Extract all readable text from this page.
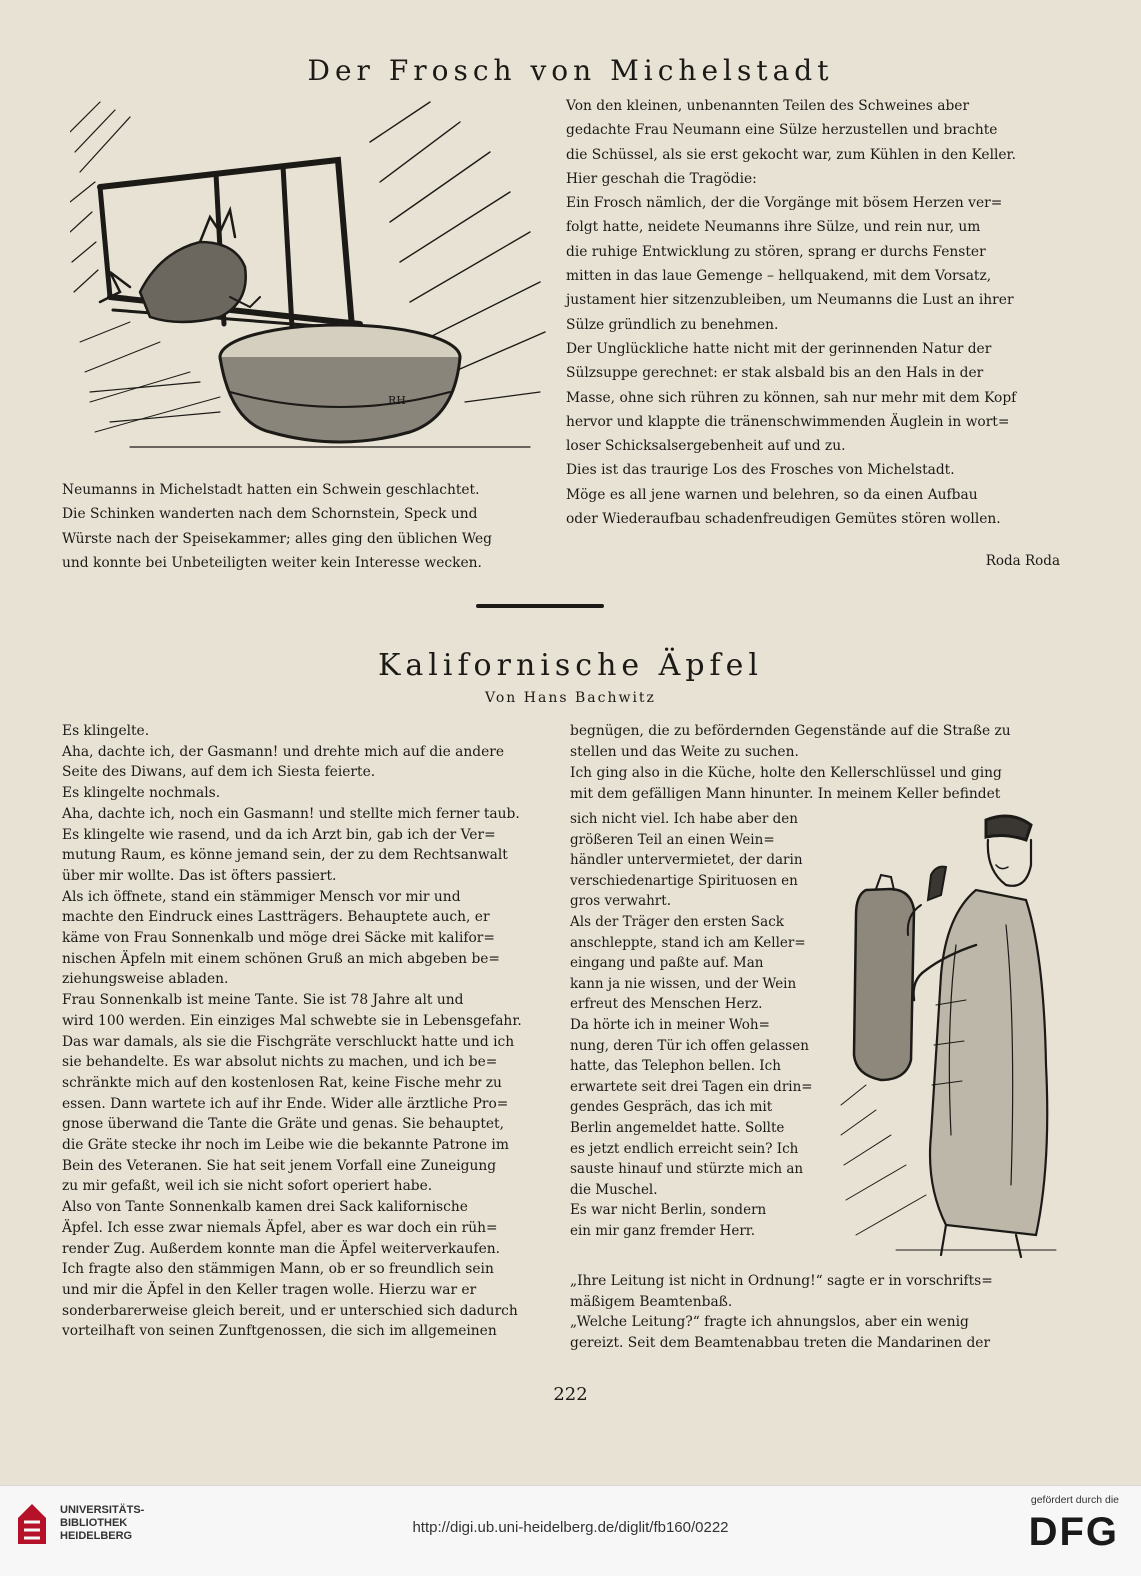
Der Frosch von Michelstadt
RH
Von den kleinen, unbenannten Teilen des Schweines aber
gedachte Frau Neumann eine Sülze herzustellen und brachte
die Schüssel, als sie erst gekocht war, zum Kühlen in den Keller.
Hier geschah die Tragödie:
Ein Frosch nämlich, der die Vorgänge mit bösem Herzen ver=
folgt hatte, neidete Neumanns ihre Sülze, und rein nur, um
die ruhige Entwicklung zu stören, sprang er durchs Fenster
mitten in das laue Gemenge – hellquakend, mit dem Vorsatz,
justament hier sitzenzubleiben, um Neumanns die Lust an ihrer
Sülze gründlich zu benehmen.
Der Unglückliche hatte nicht mit der gerinnenden Natur der
Sülzsuppe gerechnet: er stak alsbald bis an den Hals in der
Masse, ohne sich rühren zu können, sah nur mehr mit dem Kopf
hervor und klappte die tränenschwimmenden Äuglein in wort=
loser Schicksalsergebenheit auf und zu.
Dies ist das traurige Los des Frosches von Michelstadt.
Möge es all jene warnen und belehren, so da einen Aufbau
oder Wiederaufbau schadenfreudigen Gemütes stören wollen.
Neumanns in Michelstadt hatten ein Schwein geschlachtet.
Die Schinken wanderten nach dem Schornstein, Speck und
Würste nach der Speisekammer; alles ging den üblichen Weg
und konnte bei Unbeteiligten weiter kein Interesse wecken.	Roda Roda
Kalifornische Äpfel
Von Hans Bachwitz
Es klingelte.
Aha, dachte ich, der Gasmann! und drehte mich auf die andere
Seite des Diwans, auf dem ich Siesta feierte.
Es klingelte nochmals.
Aha, dachte ich, noch ein Gasmann! und stellte mich ferner taub.
Es klingelte wie rasend, und da ich Arzt bin, gab ich der Ver=
mutung Raum, es könne jemand sein, der zu dem Rechtsanwalt
über mir wollte. Das ist öfters passiert.
Als ich öffnete, stand ein stämmiger Mensch vor mir und
machte den Eindruck eines Lastträgers. Behauptete auch, er
käme von Frau Sonnenkalb und möge drei Säcke mit kalifor=
nischen Äpfeln mit einem schönen Gruß an mich abgeben be=
ziehungsweise abladen.
Frau Sonnenkalb ist meine Tante. Sie ist 78 Jahre alt und
wird 100 werden. Ein einziges Mal schwebte sie in Lebensgefahr.
Das war damals, als sie die Fischgräte verschluckt hatte und ich
sie behandelte. Es war absolut nichts zu machen, und ich be=
schränkte mich auf den kostenlosen Rat, keine Fische mehr zu
essen. Dann wartete ich auf ihr Ende. Wider alle ärztliche Pro=
gnose überwand die Tante die Gräte und genas. Sie behauptet,
die Gräte stecke ihr noch im Leibe wie die bekannte Patrone im
Bein des Veteranen. Sie hat seit jenem Vorfall eine Zuneigung
zu mir gefaßt, weil ich sie nicht sofort operiert habe.
Also von Tante Sonnenkalb kamen drei Sack kalifornische
Äpfel. Ich esse zwar niemals Äpfel, aber es war doch ein rüh=
render Zug. Außerdem konnte man die Äpfel weiterverkaufen.
Ich fragte also den stämmigen Mann, ob er so freundlich sein
und mir die Äpfel in den Keller tragen wolle. Hierzu war er
sonderbarerweise gleich bereit, und er unterschied sich dadurch
vorteilhaft von seinen Zunftgenossen, die sich im allgemeinen
begnügen, die zu befördernden Gegenstände auf die Straße zu
stellen und das Weite zu suchen.
Ich ging also in die Küche, holte den Kellerschlüssel und ging
mit dem gefälligen Mann hinunter. In meinem Keller befindet
sich nicht viel. Ich habe aber den
größeren Teil an einen Wein=
händler untervermietet, der darin
verschiedenartige Spirituosen en
gros verwahrt.
Als der Träger den ersten Sack
anschleppte, stand ich am Keller=
eingang und paßte auf. Man
kann ja nie wissen, und der Wein
erfreut des Menschen Herz.
Da hörte ich in meiner Woh=
nung, deren Tür ich offen gelassen
hatte, das Telephon bellen. Ich
erwartete seit drei Tagen ein drin=
gendes Gespräch, das ich mit
Berlin angemeldet hatte. Sollte
es jetzt endlich erreicht sein? Ich
sauste hinauf und stürzte mich an
die Muschel.
Es war nicht Berlin, sondern
ein mir ganz fremder Herr.
„Ihre Leitung ist nicht in Ordnung!“ sagte er in vorschrifts=
mäßigem Beamtenbaß.
„Welche Leitung?“ fragte ich ahnungslos, aber ein wenig
gereizt. Seit dem Beamtenabbau treten die Mandarinen der
222
UNIVERSITÄTS-
BIBLIOTHEK
HEIDELBERG	http://digi.ub.uni-heidelberg.de/diglit/fb160/0222
gefördert durch die
DFG
